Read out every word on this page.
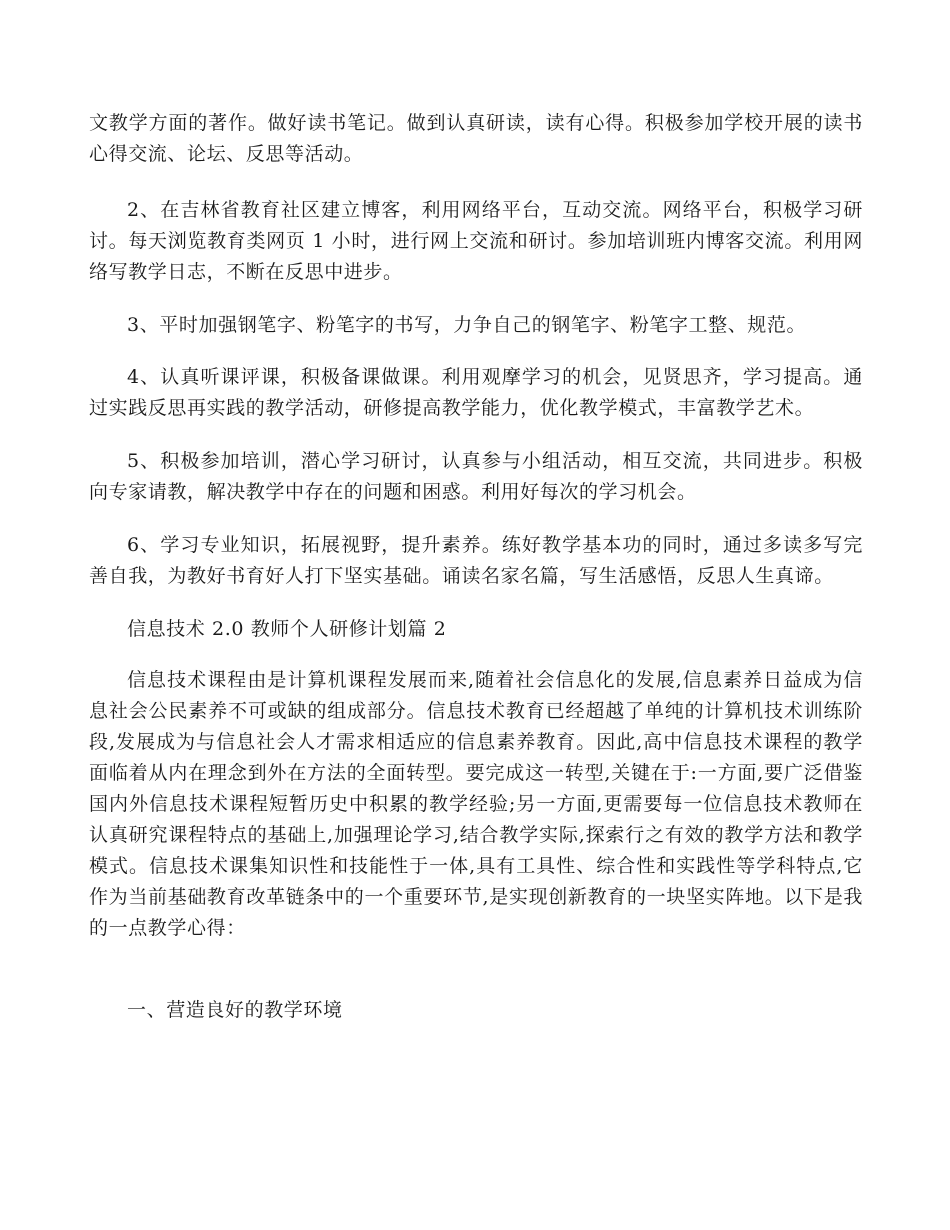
文教学方面的著作。做好读书笔记。做到认真研读，读有心得。积极参加学校开展的读书心得交流、论坛、反思等活动。

2、在吉林省教育社区建立博客，利用网络平台，互动交流。网络平台，积极学习研讨。每天浏览教育类网页 1 小时，进行网上交流和研讨。参加培训班内博客交流。利用网络写教学日志，不断在反思中进步。

3、平时加强钢笔字、粉笔字的书写，力争自己的钢笔字、粉笔字工整、规范。

4、认真听课评课，积极备课做课。利用观摩学习的机会，见贤思齐，学习提高。通过实践反思再实践的教学活动，研修提高教学能力，优化教学模式，丰富教学艺术。

5、积极参加培训，潜心学习研讨，认真参与小组活动，相互交流，共同进步。积极向专家请教，解决教学中存在的问题和困惑。利用好每次的学习机会。

6、学习专业知识，拓展视野，提升素养。练好教学基本功的同时，通过多读多写完善自我，为教好书育好人打下坚实基础。诵读名家名篇，写生活感悟，反思人生真谛。

信息技术 2.0 教师个人研修计划篇 2

信息技术课程由是计算机课程发展而来,随着社会信息化的发展,信息素养日益成为信息社会公民素养不可或缺的组成部分。信息技术教育已经超越了单纯的计算机技术训练阶段,发展成为与信息社会人才需求相适应的信息素养教育。因此,高中信息技术课程的教学面临着从内在理念到外在方法的全面转型。要完成这一转型,关键在于:一方面,要广泛借鉴国内外信息技术课程短暂历史中积累的教学经验;另一方面,更需要每一位信息技术教师在认真研究课程特点的基础上,加强理论学习,结合教学实际,探索行之有效的教学方法和教学模式。信息技术课集知识性和技能性于一体,具有工具性、综合性和实践性等学科特点,它作为当前基础教育改革链条中的一个重要环节,是实现创新教育的一块坚实阵地。以下是我的一点教学心得：

一、营造良好的教学环境
